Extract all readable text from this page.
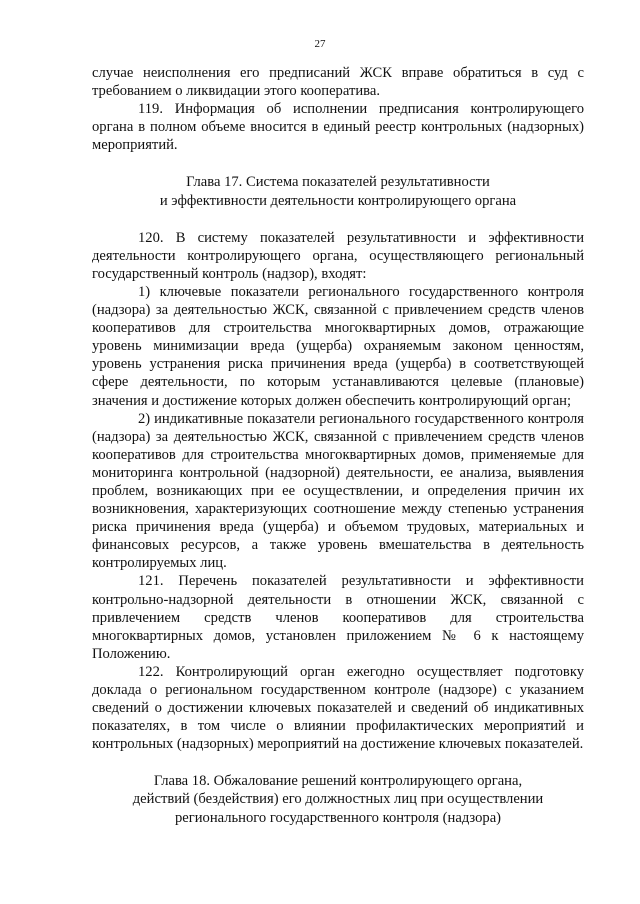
27

случае неисполнения его предписаний ЖСК вправе обратиться в суд с требованием о ликвидации этого кооператива.

119. Информация об исполнении предписания контролирующего органа в полном объеме вносится в единый реестр контрольных (надзорных) мероприятий.

Глава 17. Система показателей результативности
и эффективности деятельности контролирующего органа

120. В систему показателей результативности и эффективности деятельности контролирующего органа, осуществляющего региональный государственный контроль (надзор), входят:

1) ключевые показатели регионального государственного контроля (надзора) за деятельностью ЖСК, связанной с привлечением средств членов кооперативов для строительства многоквартирных домов, отражающие уровень минимизации вреда (ущерба) охраняемым законом ценностям, уровень устранения риска причинения вреда (ущерба) в соответствующей сфере деятельности, по которым устанавливаются целевые (плановые) значения и достижение которых должен обеспечить контролирующий орган;

2) индикативные показатели регионального государственного контроля (надзора) за деятельностью ЖСК, связанной с привлечением средств членов кооперативов для строительства многоквартирных домов, применяемые для мониторинга контрольной (надзорной) деятельности, ее анализа, выявления проблем, возникающих при ее осуществлении, и определения причин их возникновения, характеризующих соотношение между степенью устранения риска причинения вреда (ущерба) и объемом трудовых, материальных и финансовых ресурсов, а также уровень вмешательства в деятельность контролируемых лиц.

121. Перечень показателей результативности и эффективности контрольно-надзорной деятельности в отношении ЖСК, связанной с привлечением средств членов кооперативов для строительства многоквартирных домов, установлен приложением № 6 к настоящему Положению.

122. Контролирующий орган ежегодно осуществляет подготовку доклада о региональном государственном контроле (надзоре) с указанием сведений о достижении ключевых показателей и сведений об индикативных показателях, в том числе о влиянии профилактических мероприятий и контрольных (надзорных) мероприятий на достижение ключевых показателей.

Глава 18. Обжалование решений контролирующего органа,
действий (бездействия) его должностных лиц при осуществлении
регионального государственного контроля (надзора)
